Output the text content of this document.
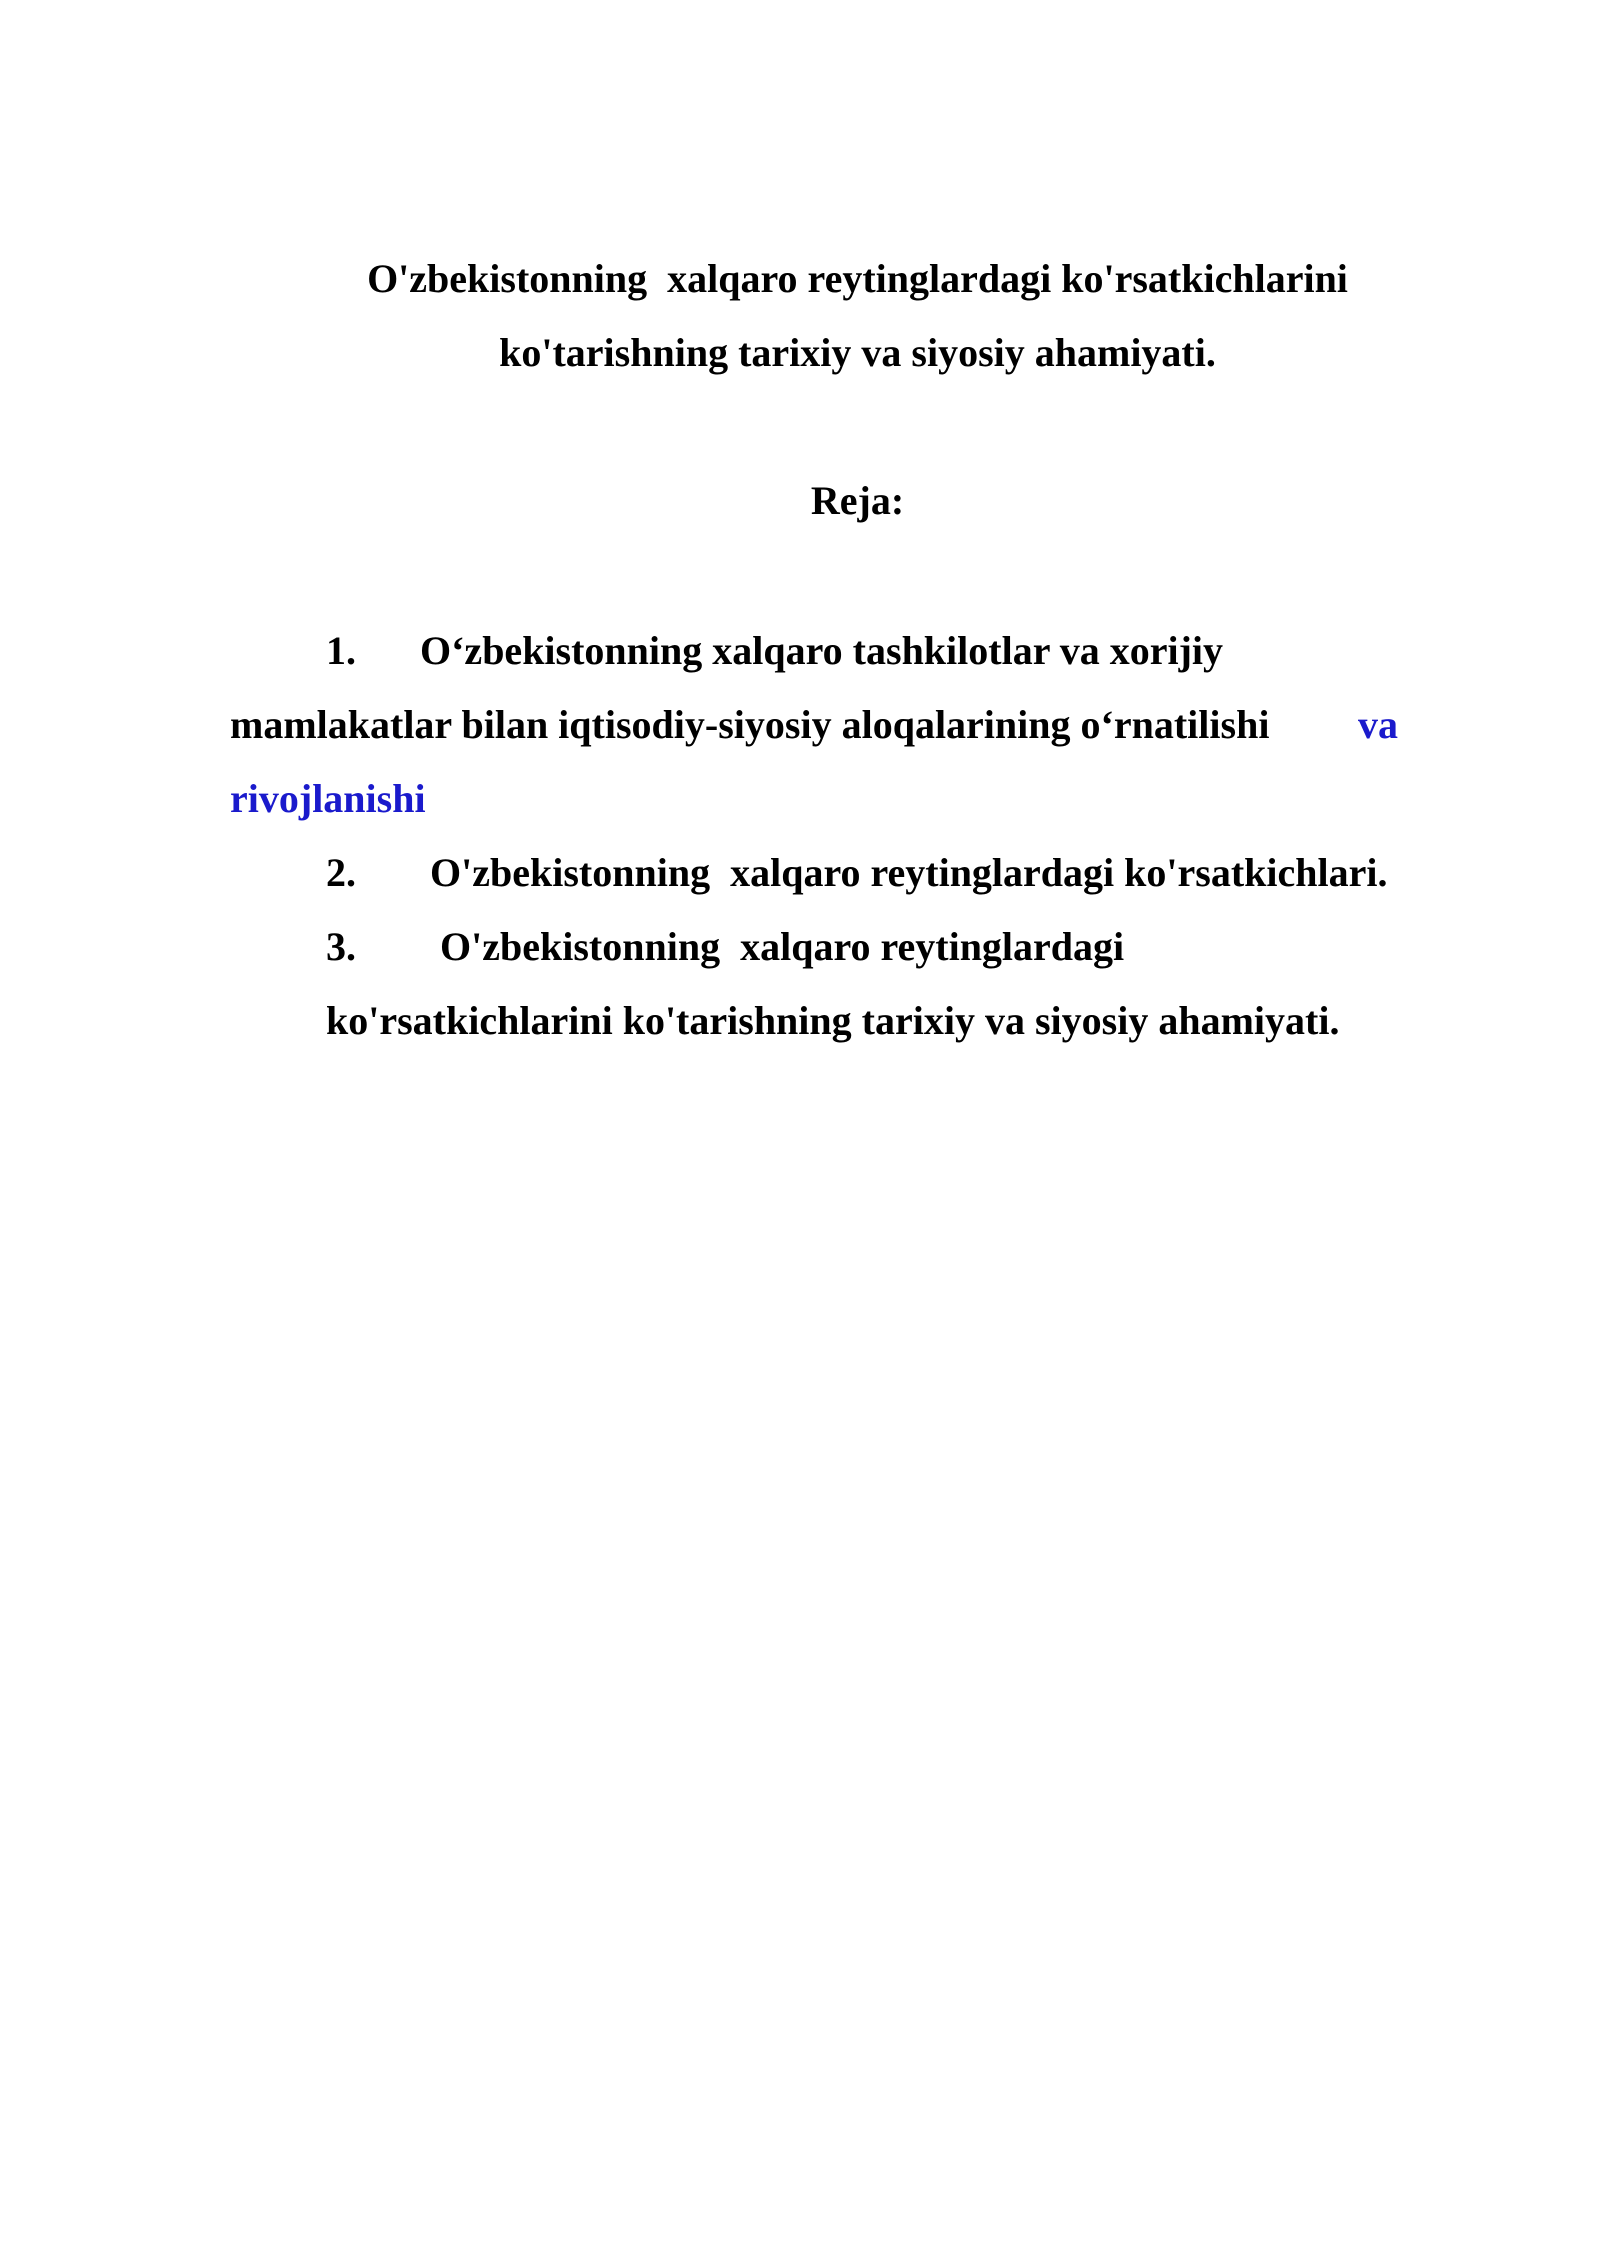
O'zbekistonning  xalqaro reytinglardagi ko'rsatkichlarini
ko'tarishning tarixiy va siyosiy ahamiyati.
Reja:
1. O‘zbekistonning xalqaro tashkilotlar va xorijiy
mamlakatlar bilan iqtisodiy-siyosiy aloqalarining o‘rnatilishi va
rivojlanishi
2. O'zbekistonning  xalqaro reytinglardagi ko'rsatkichlari.
3. O'zbekistonning  xalqaro reytinglardagi
ko'rsatkichlarini ko'tarishning tarixiy va siyosiy ahamiyati.
